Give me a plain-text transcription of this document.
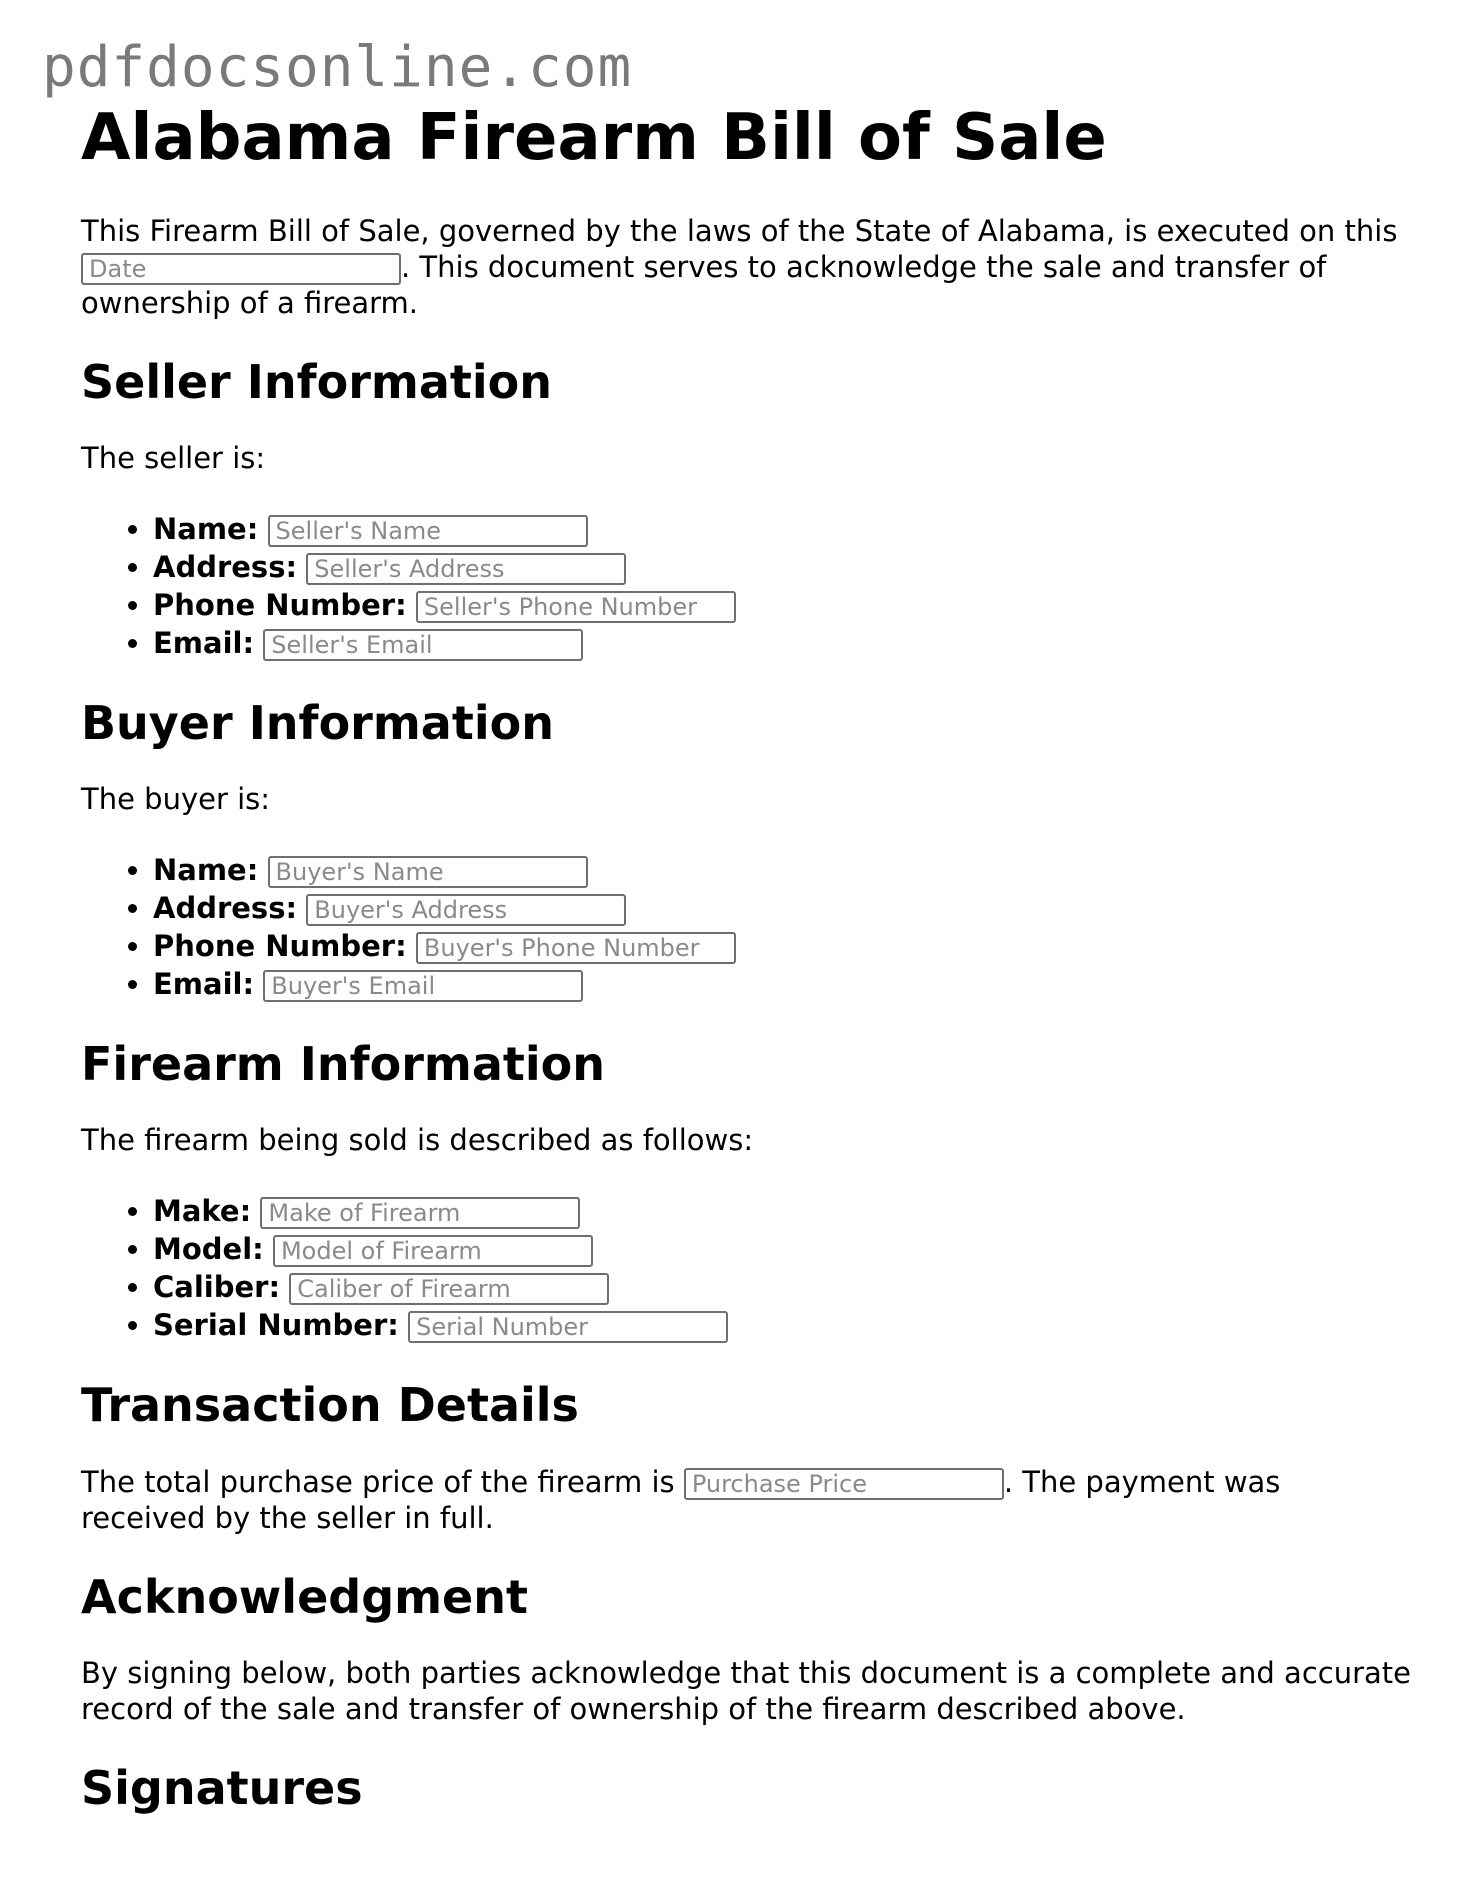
pdfdocsonline.com
Alabama Firearm Bill of Sale

This Firearm Bill of Sale, governed by the laws of the State of Alabama, is executed on this Date. This document serves to acknowledge the sale and transfer of ownership of a firearm.

Seller Information

The seller is:

• Name: Seller's Name
• Address: Seller's Address
• Phone Number: Seller's Phone Number
• Email: Seller's Email
Buyer Information

The buyer is:

• Name: Buyer's Name
• Address: Buyer's Address
• Phone Number: Buyer's Phone Number
• Email: Buyer's Email
Firearm Information

The firearm being sold is described as follows:

• Make: Make of Firearm
• Model: Model of Firearm
• Caliber: Caliber of Firearm
• Serial Number: Serial Number
Transaction Details

The total purchase price of the firearm is Purchase Price	. The payment was received by the seller in full.

Acknowledgment

By signing below, both parties acknowledge that this document is a complete and accurate record of the sale and transfer of ownership of the firearm described above.

Signatures
